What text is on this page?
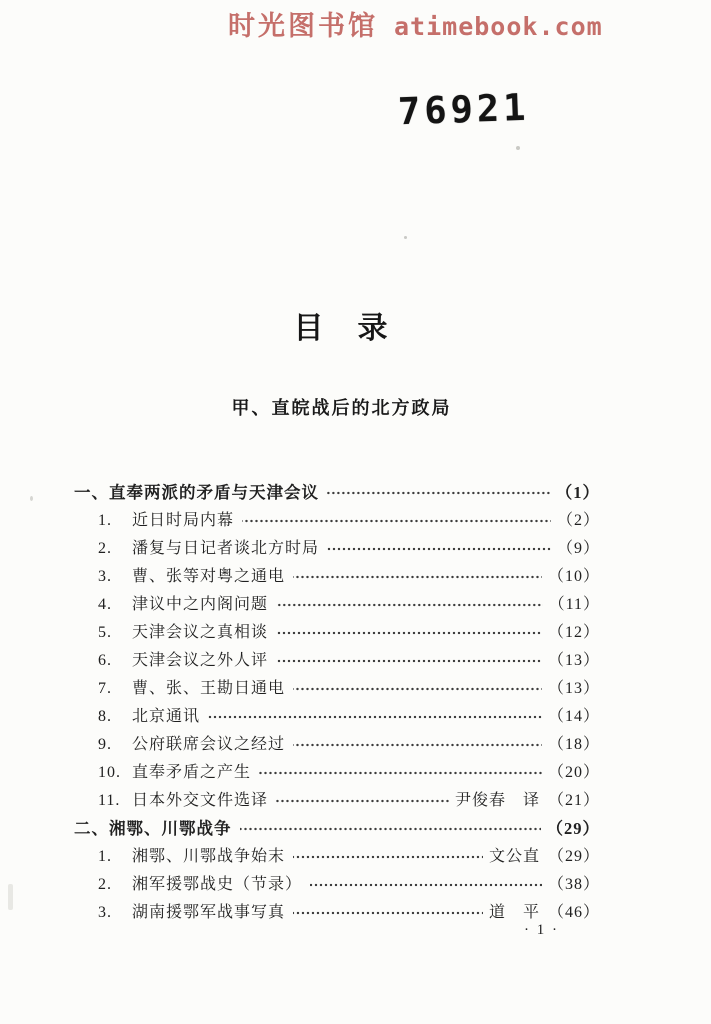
时光图书馆 atimebook.com
76921
目　录
甲、直皖战后的北方政局
一、 直奉两派的矛盾与天津会议	（1）
1.	近日时局内幕	（2）
2.	潘复与日记者谈北方时局	（9）
3.	曹、张等对粤之通电	（10）
4.	津议中之内阁问题	（11）
5.	天津会议之真相谈	（12）
6.	天津会议之外人评	（13）
7.	曹、张、王勘日通电	（13）
8.	北京通讯	（14）
9.	公府联席会议之经过	（18）
10. 直奉矛盾之产生	（20）
11. 日本外交文件选译	尹俊春　译 （21）
二、 湘鄂、川鄂战争	（29）
1.	湘鄂、川鄂战争始末	文公直 （29）
2.	湘军援鄂战史（节录）	（38）
3.	湖南援鄂军战事写真	道　平 （46）
· 1 ·
